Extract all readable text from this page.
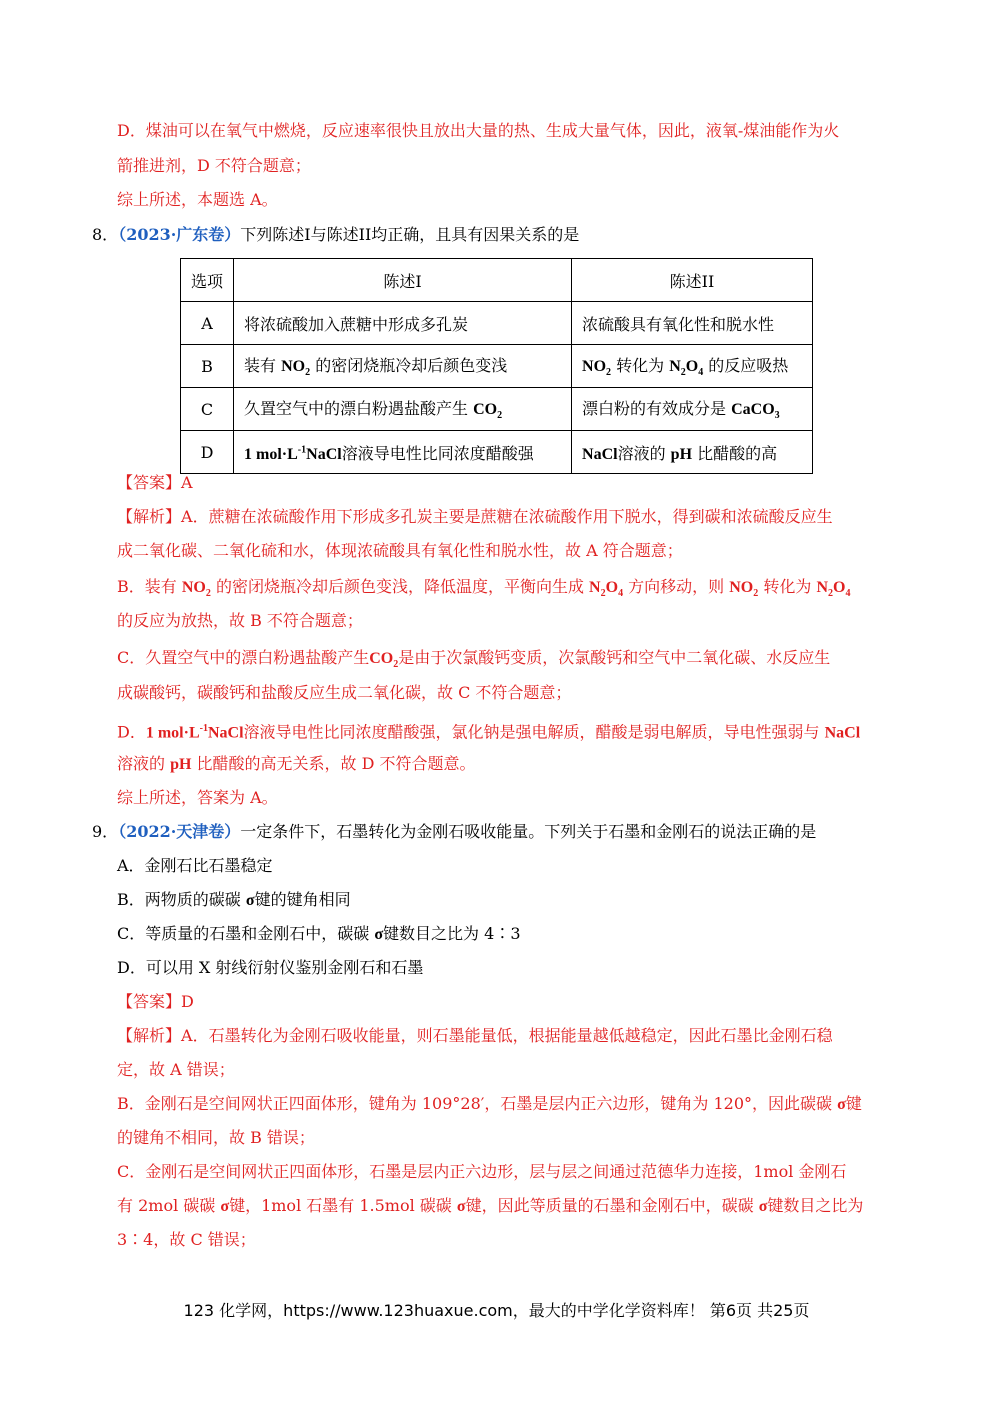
D．煤油可以在氧气中燃烧，反应速率很快且放出大量的热、生成大量气体，因此，液氧-煤油能作为火
箭推进剂，D 不符合题意；
综上所述，本题选 A。
8．（2023·广东卷）下列陈述I与陈述II均正确，且具有因果关系的是
选项	陈述I	陈述II
A	将浓硫酸加入蔗糖中形成多孔炭	浓硫酸具有氧化性和脱水性
B	装有 $NO_2$ 的密闭烧瓶冷却后颜色变浅	$NO_2$ 转化为 $N_2O_4$ 的反应吸热
C	久置空气中的漂白粉遇盐酸产生 $CO_2$	漂白粉的有效成分是 CaCO$_3$
D	1 $mol\cdot L^{-1}NaCl$溶液导电性比同浓度醋酸强	NaCl溶液的 pH 比醋酸的高
【答案】A
【解析】A．蔗糖在浓硫酸作用下形成多孔炭主要是蔗糖在浓硫酸作用下脱水，得到碳和浓硫酸反应生
成二氧化碳、二氧化硫和水，体现浓硫酸具有氧化性和脱水性，故 A 符合题意；
B．装有 $NO_2$ 的密闭烧瓶冷却后颜色变浅，降低温度，平衡向生成 $N_2O_4$ 方向移动，则 $NO_2$ 转化为 $N_2O_4$
的反应为放热，故 B 不符合题意；
C．久置空气中的漂白粉遇盐酸产生$CO_2$是由于次氯酸钙变质，次氯酸钙和空气中二氧化碳、水反应生
成碳酸钙，碳酸钙和盐酸反应生成二氧化碳，故 C 不符合题意；
D．1 $mol\cdot L^{-1}NaCl$溶液导电性比同浓度醋酸强，氯化钠是强电解质，醋酸是弱电解质，导电性强弱与 NaCl
溶液的 pH 比醋酸的高无关系，故 D 不符合题意。
综上所述，答案为 A。
9．（2022·天津卷）一定条件下，石墨转化为金刚石吸收能量。下列关于石墨和金刚石的说法正确的是
A．金刚石比石墨稳定
B．两物质的碳碳 σ键的键角相同
C．等质量的石墨和金刚石中，碳碳 σ键数目之比为 4∶3
D．可以用 X 射线衍射仪鉴别金刚石和石墨
【答案】D
【解析】A．石墨转化为金刚石吸收能量，则石墨能量低，根据能量越低越稳定，因此石墨比金刚石稳
定，故 A 错误；
B．金刚石是空间网状正四面体形，键角为 109°28′，石墨是层内正六边形，键角为 120°，因此碳碳 σ键
的键角不相同，故 B 错误；
C．金刚石是空间网状正四面体形，石墨是层内正六边形，层与层之间通过范德华力连接，1mol 金刚石
有 2mol 碳碳 σ键，1mol 石墨有 1.5mol 碳碳 σ键，因此等质量的石墨和金刚石中，碳碳 σ键数目之比为
3∶4，故 C 错误；
123 化学网，https://www.123huaxue.com，最大的中学化学资料库！ 第6页 共25页
